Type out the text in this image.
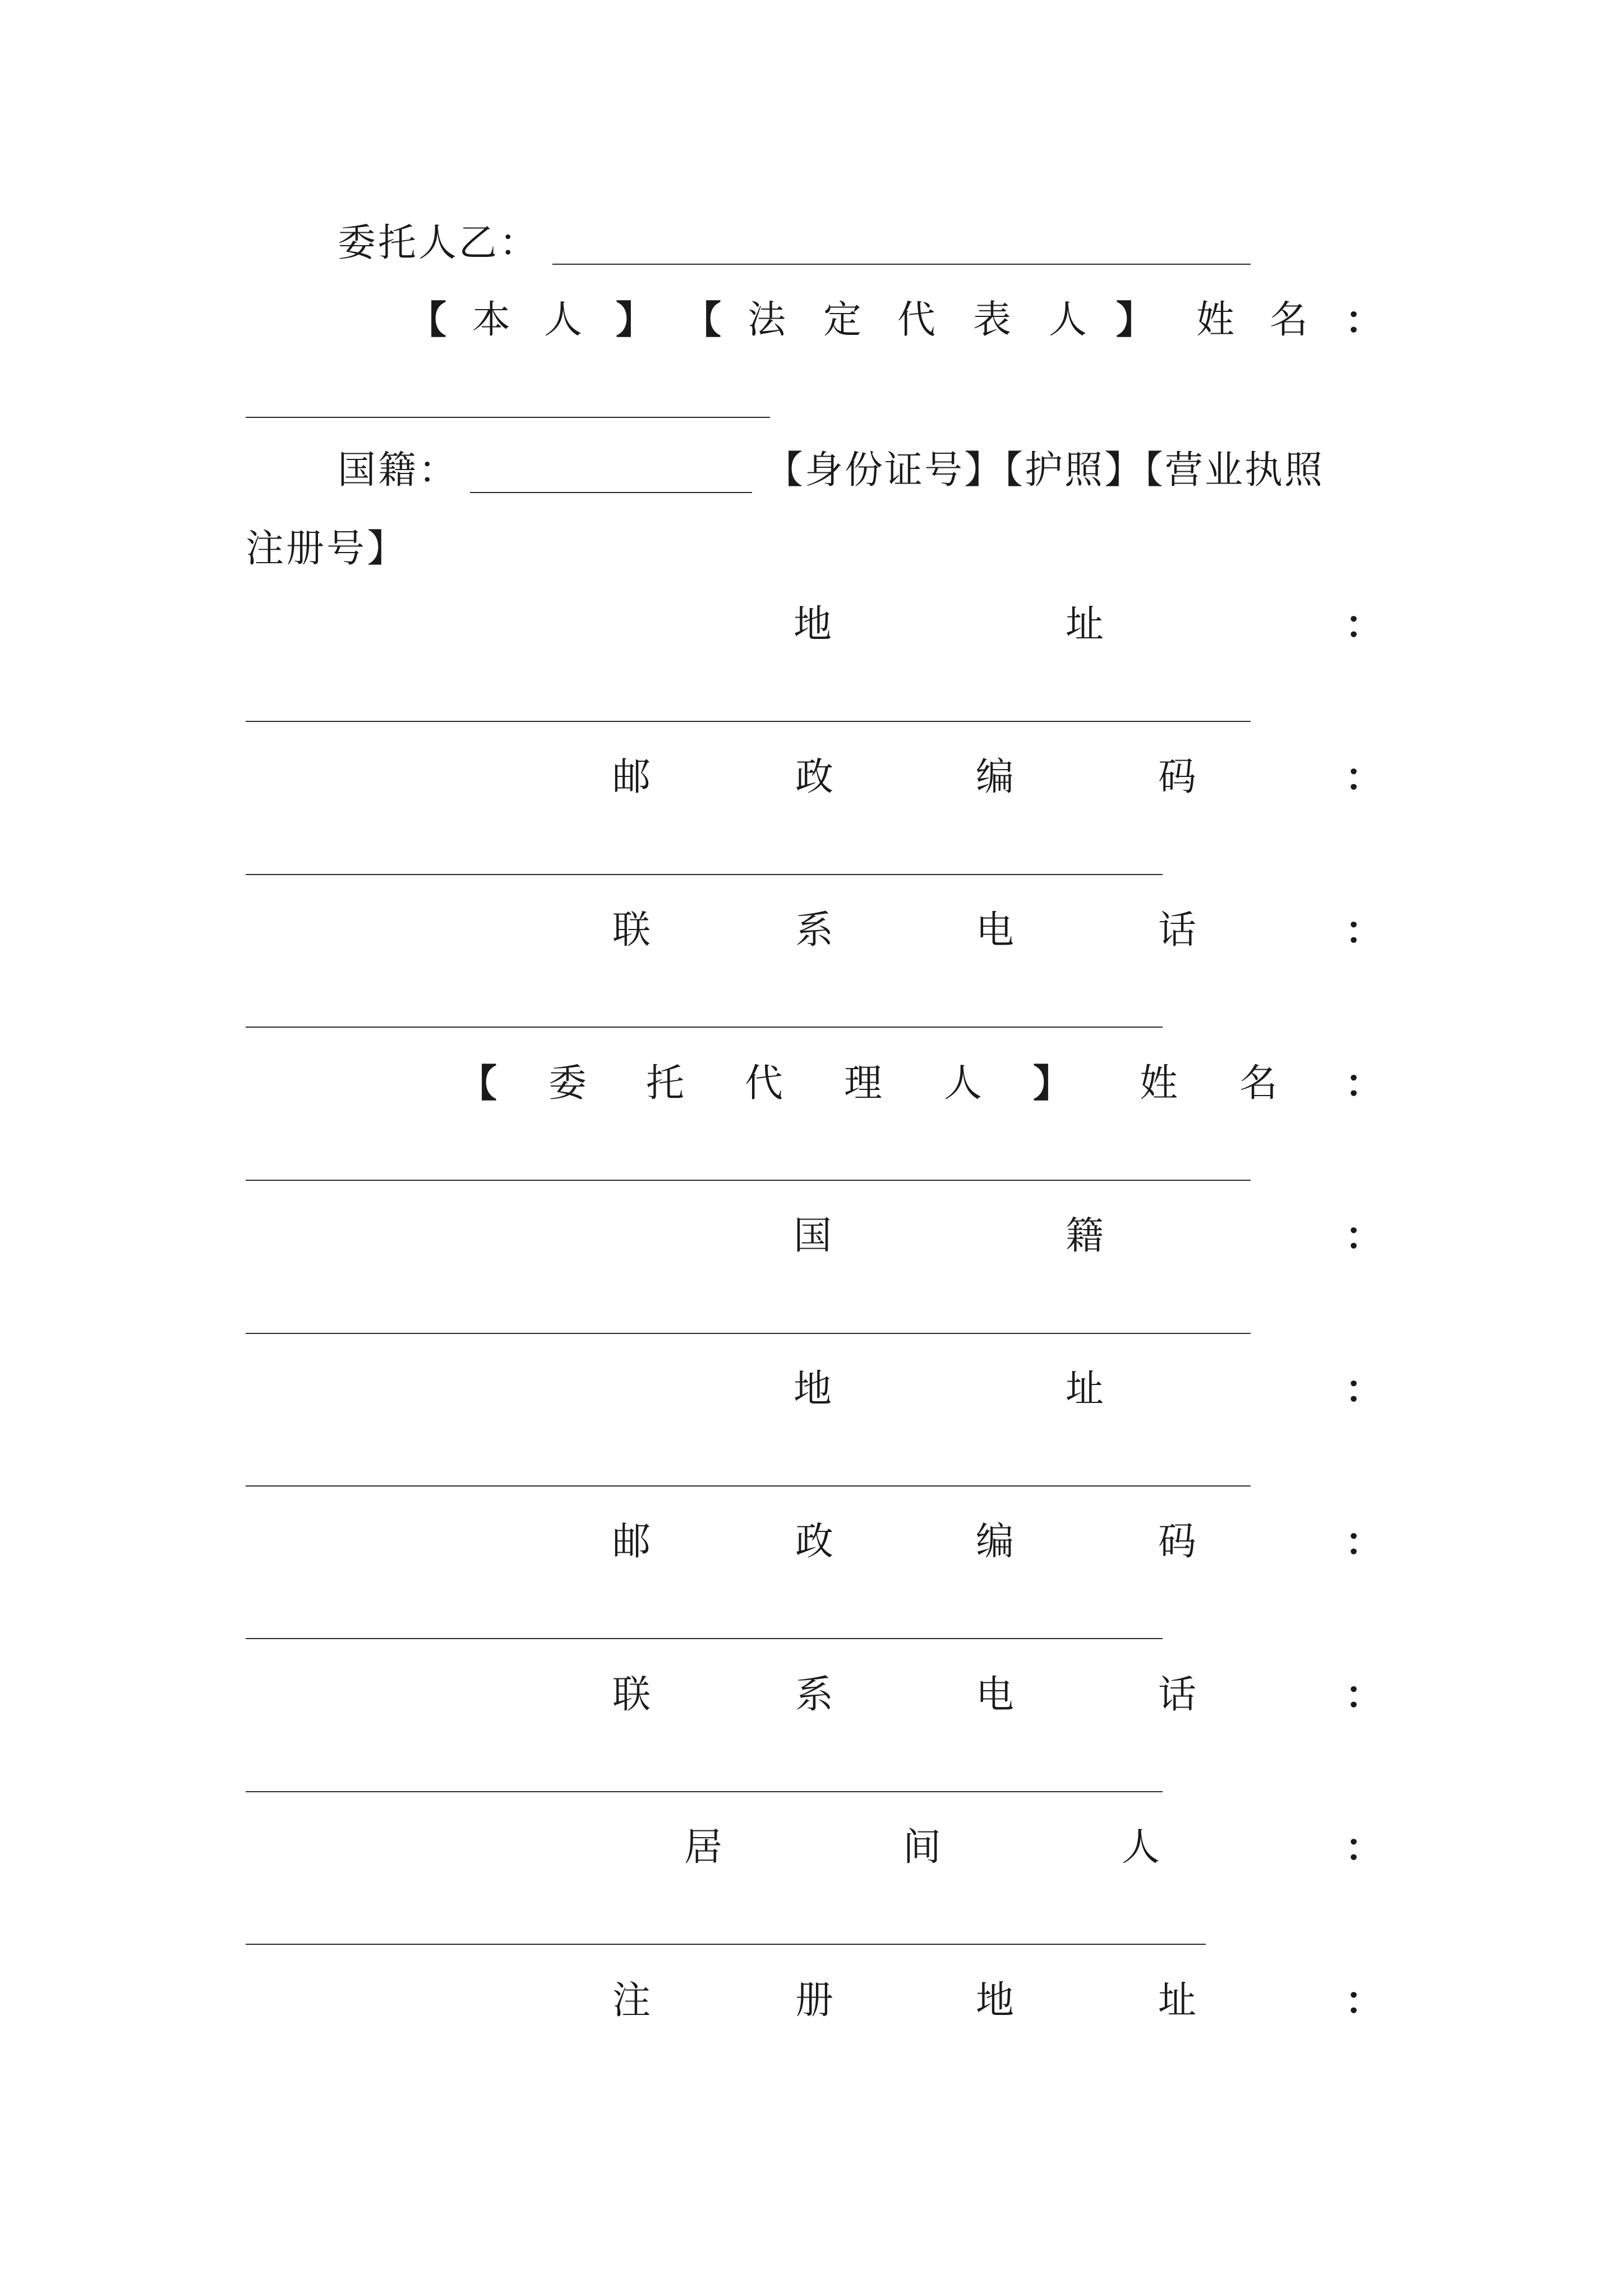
委托人乙：
【 本 人 】 【 法 定 代 表 人 】 姓 名 ：
国籍：	【身份证号】【护照】【营业执照
注册号】
地	址	：
邮	政	编	码	：
联	系	电	话	：
【 委 托 代 理 人 】 姓 名 ：
国	籍	：
地	址	：
邮	政	编	码	：
联	系	电	话	：
居	间	人	：
注	册	地	址	：
